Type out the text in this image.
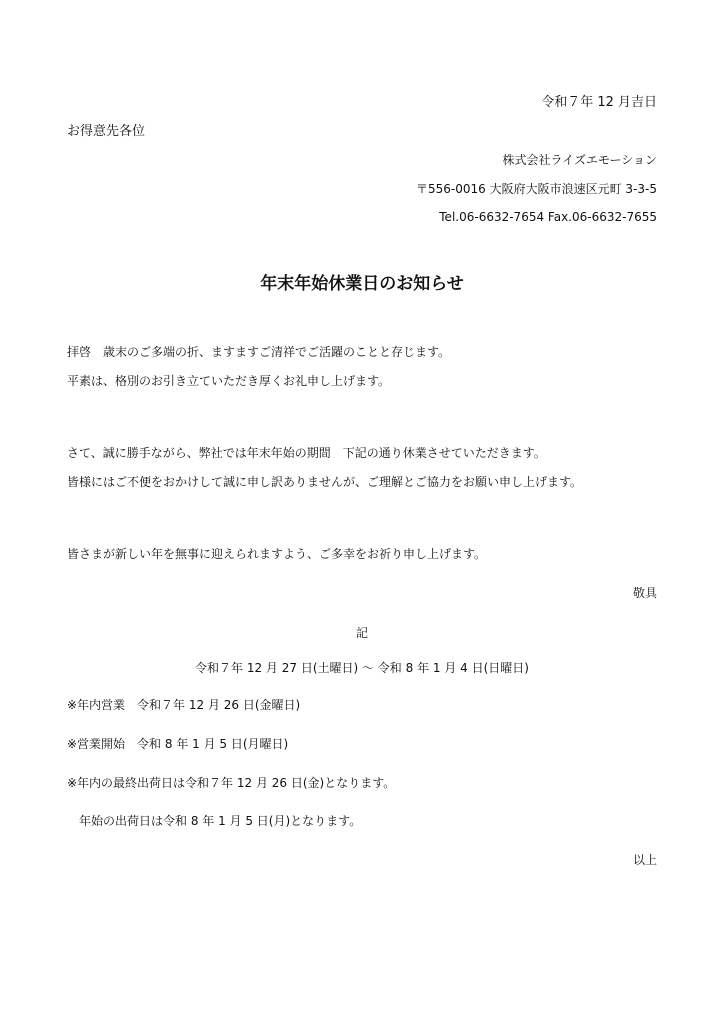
令和７年 12 月吉日
お得意先各位
株式会社ライズエモーション
〒556-0016 大阪府大阪市浪速区元町 3-3-5
Tel.06-6632-7654 Fax.06-6632-7655
年末年始休業日のお知らせ
拝啓　歳末のご多端の折、ますますご清祥でご活躍のことと存じます。
平素は、格別のお引き立ていただき厚くお礼申し上げます。
さて、誠に勝手ながら、弊社では年末年始の期間　下記の通り休業させていただきます。
皆様にはご不便をおかけして誠に申し訳ありませんが、ご理解とご協力をお願い申し上げます。
皆さまが新しい年を無事に迎えられますよう、ご多幸をお祈り申し上げます。
敬具
記
令和７年 12 月 27 日(土曜日) 〜 令和 8 年 1 月 4 日(日曜日)
※年内営業　令和７年 12 月 26 日(金曜日)
※営業開始　令和 8 年 1 月 5 日(月曜日)
※年内の最終出荷日は令和７年 12 月 26 日(金)となります。
年始の出荷日は令和 8 年 1 月 5 日(月)となります。
以上
